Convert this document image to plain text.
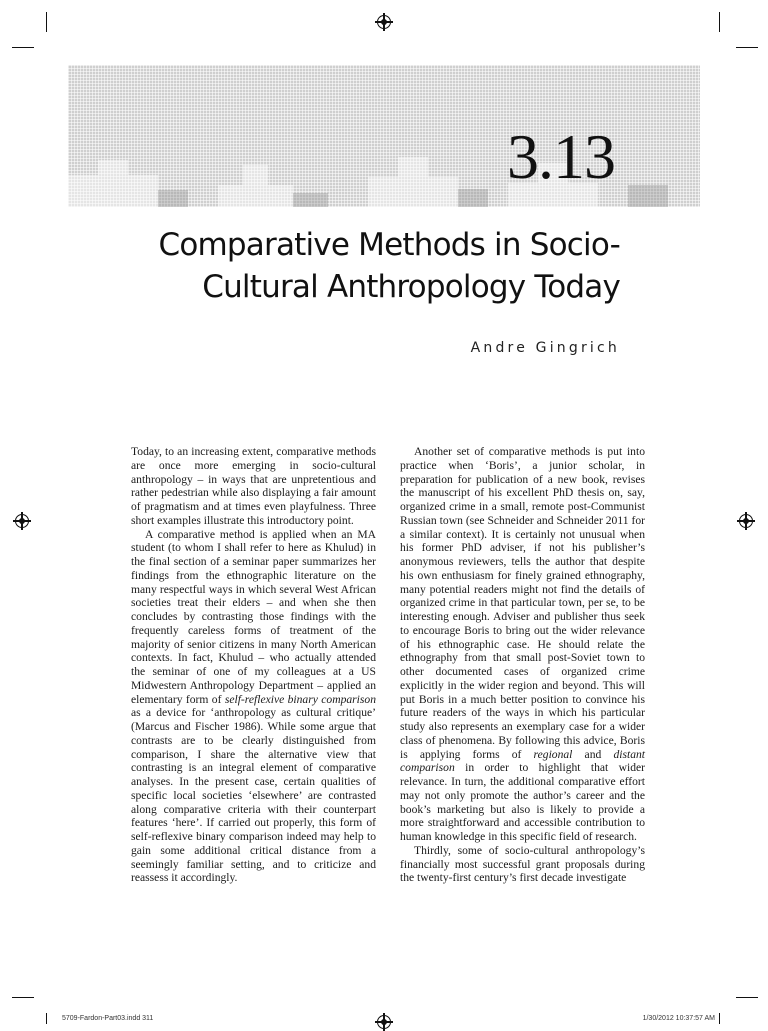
3.13
Comparative Methods in Socio-
Cultural Anthropology Today
Andre Gingrich

Today, to an increasing extent, comparative methods are once more emerging in socio-cultural anthropology – in ways that are unpretentious and rather pedestrian while also displaying a fair amount of pragmatism and at times even playfulness. Three short examples illustrate this introductory point.

A comparative method is applied when an MA student (to whom I shall refer to here as Khulud) in the final section of a seminar paper summarizes her findings from the ethnographic literature on the many respectful ways in which several West African societies treat their elders – and when she then concludes by contrasting those findings with the frequently careless forms of treatment of the majority of senior citizens in many North American contexts. In fact, Khulud – who actually attended the seminar of one of my colleagues at a US Midwestern Anthropology Department – applied an elementary form of self-reflexive binary comparison as a device for ‘anthropology as cultural critique’ (Marcus and Fischer 1986). While some argue that contrasts are to be clearly distinguished from comparison, I share the alternative view that contrasting is an integral element of comparative analyses. In the present case, certain qualities of specific local societies ‘elsewhere’ are contrasted along comparative criteria with their counterpart features ‘here’. If carried out properly, this form of self-reflexive binary comparison indeed may help to gain some additional critical distance from a seemingly familiar setting, and to criticize and reassess it accordingly.

Another set of comparative methods is put into practice when ‘Boris’, a junior scholar, in preparation for publication of a new book, revises the manuscript of his excellent PhD thesis on, say, organized crime in a small, remote post-Communist Russian town (see Schneider and Schneider 2011 for a similar context). It is certainly not unusual when his former PhD adviser, if not his publisher’s anonymous reviewers, tells the author that despite his own enthusiasm for finely grained ethnography, many potential readers might not find the details of organized crime in that particular town, per se, to be interesting enough. Adviser and publisher thus seek to encourage Boris to bring out the wider relevance of his ethnographic case. He should relate the ethnography from that small post-Soviet town to other documented cases of organized crime explicitly in the wider region and beyond. This will put Boris in a much better position to convince his future readers of the ways in which his particular study also represents an exemplary case for a wider class of phenomena. By following this advice, Boris is applying forms of regional and distant comparison in order to highlight that wider relevance. In turn, the additional comparative effort may not only promote the author’s career and the book’s marketing but also is likely to provide a more straightforward and accessible contribution to human knowledge in this specific field of research.

Thirdly, some of socio-cultural anthropology’s financially most successful grant proposals during the twenty-first century’s first decade investigate

5709-Fardon-Part03.indd 311	1/30/2012 10:37:57 AM
